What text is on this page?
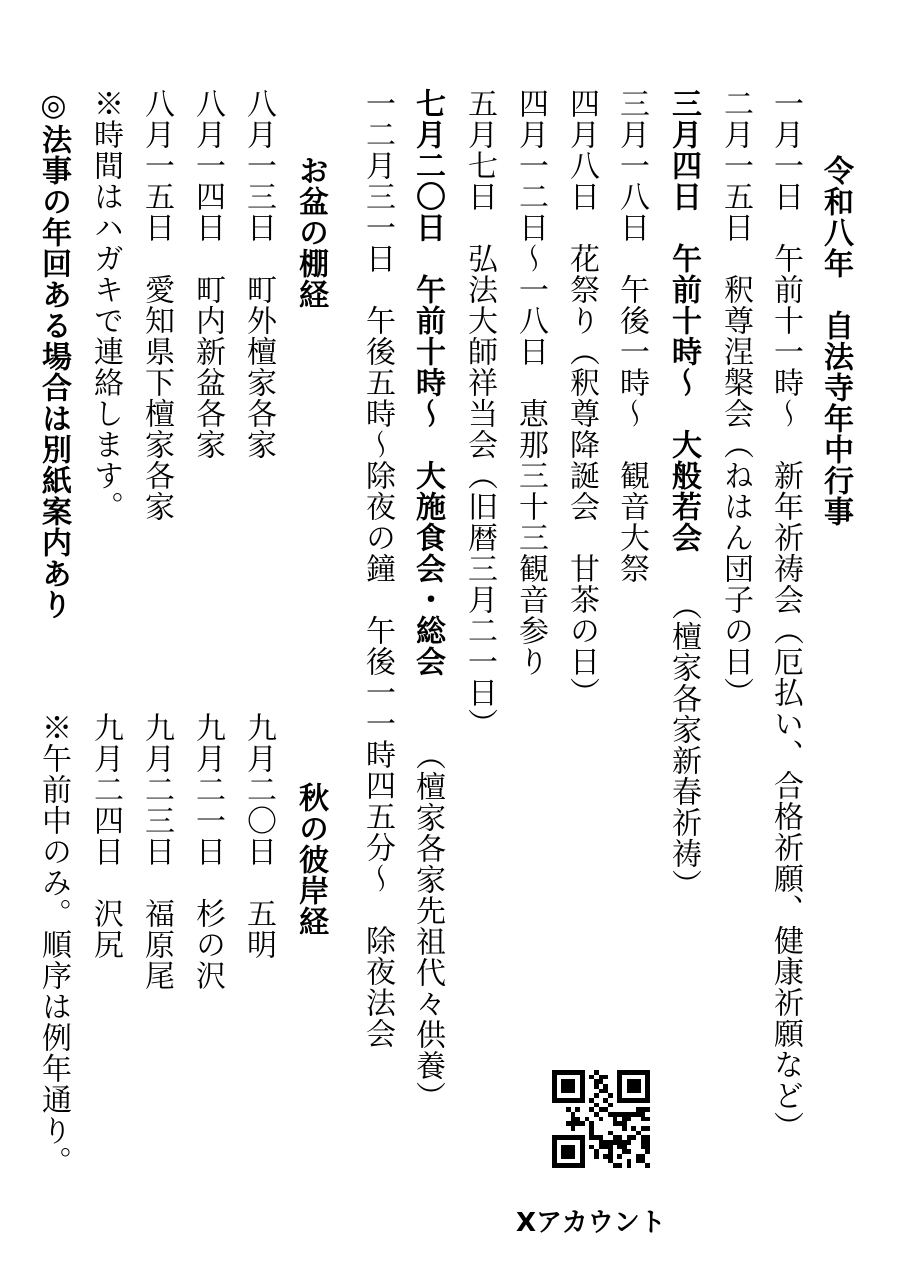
令和八年　自法寺年中行事
一月一日　午前十一時～　新年祈祷会（厄払い、合格祈願、健康祈願など）
二月一五日　釈尊涅槃会（ねはん団子の日）
三月四日　午前十時～　大般若会
（檀家各家新春祈祷）
三月一八日　午後一時～　観音大祭
四月八日　花祭り（釈尊降誕会　甘茶の日）
四月一二日～一八日　恵那三十三観音参り
五月七日　弘法大師祥当会（旧暦三月二一日）
七月二〇日　午前十時～　大施食会・総会
（檀家各家先祖代々供養）
一二月三一日　午後五時～除夜の鐘　午後一一時四五分～　除夜法会
お盆の棚経
八月一三日　町外檀家各家
八月一四日　町内新盆各家
八月一五日　愛知県下檀家各家
※時間はハガキで連絡します。
◎法事の年回ある場合は別紙案内あり
秋の彼岸経
九月二〇日　五明
九月二一日　杉の沢
九月二三日　福原尾
九月二四日　沢尻
※午前中のみ。順序は例年通り。
Xアカウント
